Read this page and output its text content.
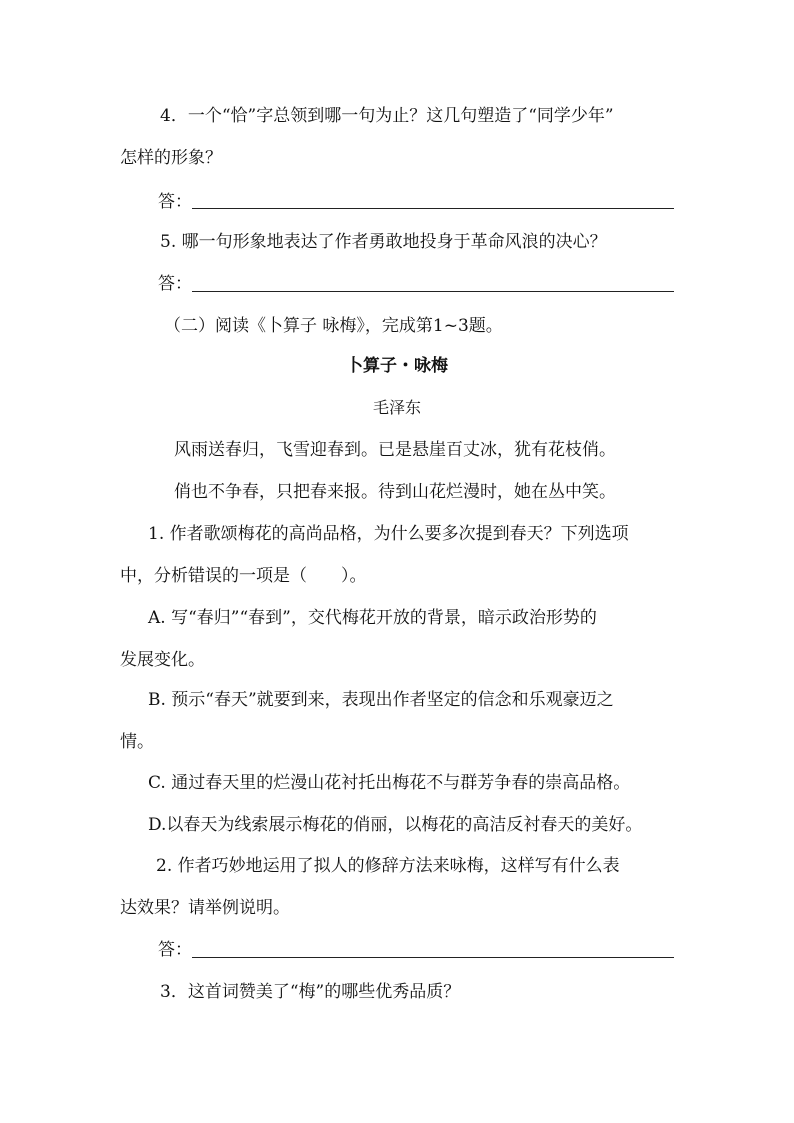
4．一个“恰”字总领到哪一句为止？这几句塑造了“同学少年”
怎样的形象？
答：
5. 哪一句形象地表达了作者勇敢地投身于革命风浪的决心？
答：
（二）阅读《卜算子 咏梅》，完成第1~3题。
卜算子・咏梅
毛泽东
风雨送春归，飞雪迎春到。已是悬崖百丈冰，犹有花枝俏。
俏也不争春，只把春来报。待到山花烂漫时，她在丛中笑。
1. 作者歌颂梅花的高尚品格，为什么要多次提到春天？下列选项
中，分析错误的一项是（　　）。
A. 写“春归”“春到”，交代梅花开放的背景，暗示政治形势的
发展变化。
B. 预示“春天”就要到来，表现出作者坚定的信念和乐观豪迈之
情。
C. 通过春天里的烂漫山花衬托出梅花不与群芳争春的崇高品格。
D.以春天为线索展示梅花的俏丽，以梅花的高洁反衬春天的美好。
2. 作者巧妙地运用了拟人的修辞方法来咏梅，这样写有什么表
达效果？请举例说明。
答：
3．这首词赞美了“梅”的哪些优秀品质？
